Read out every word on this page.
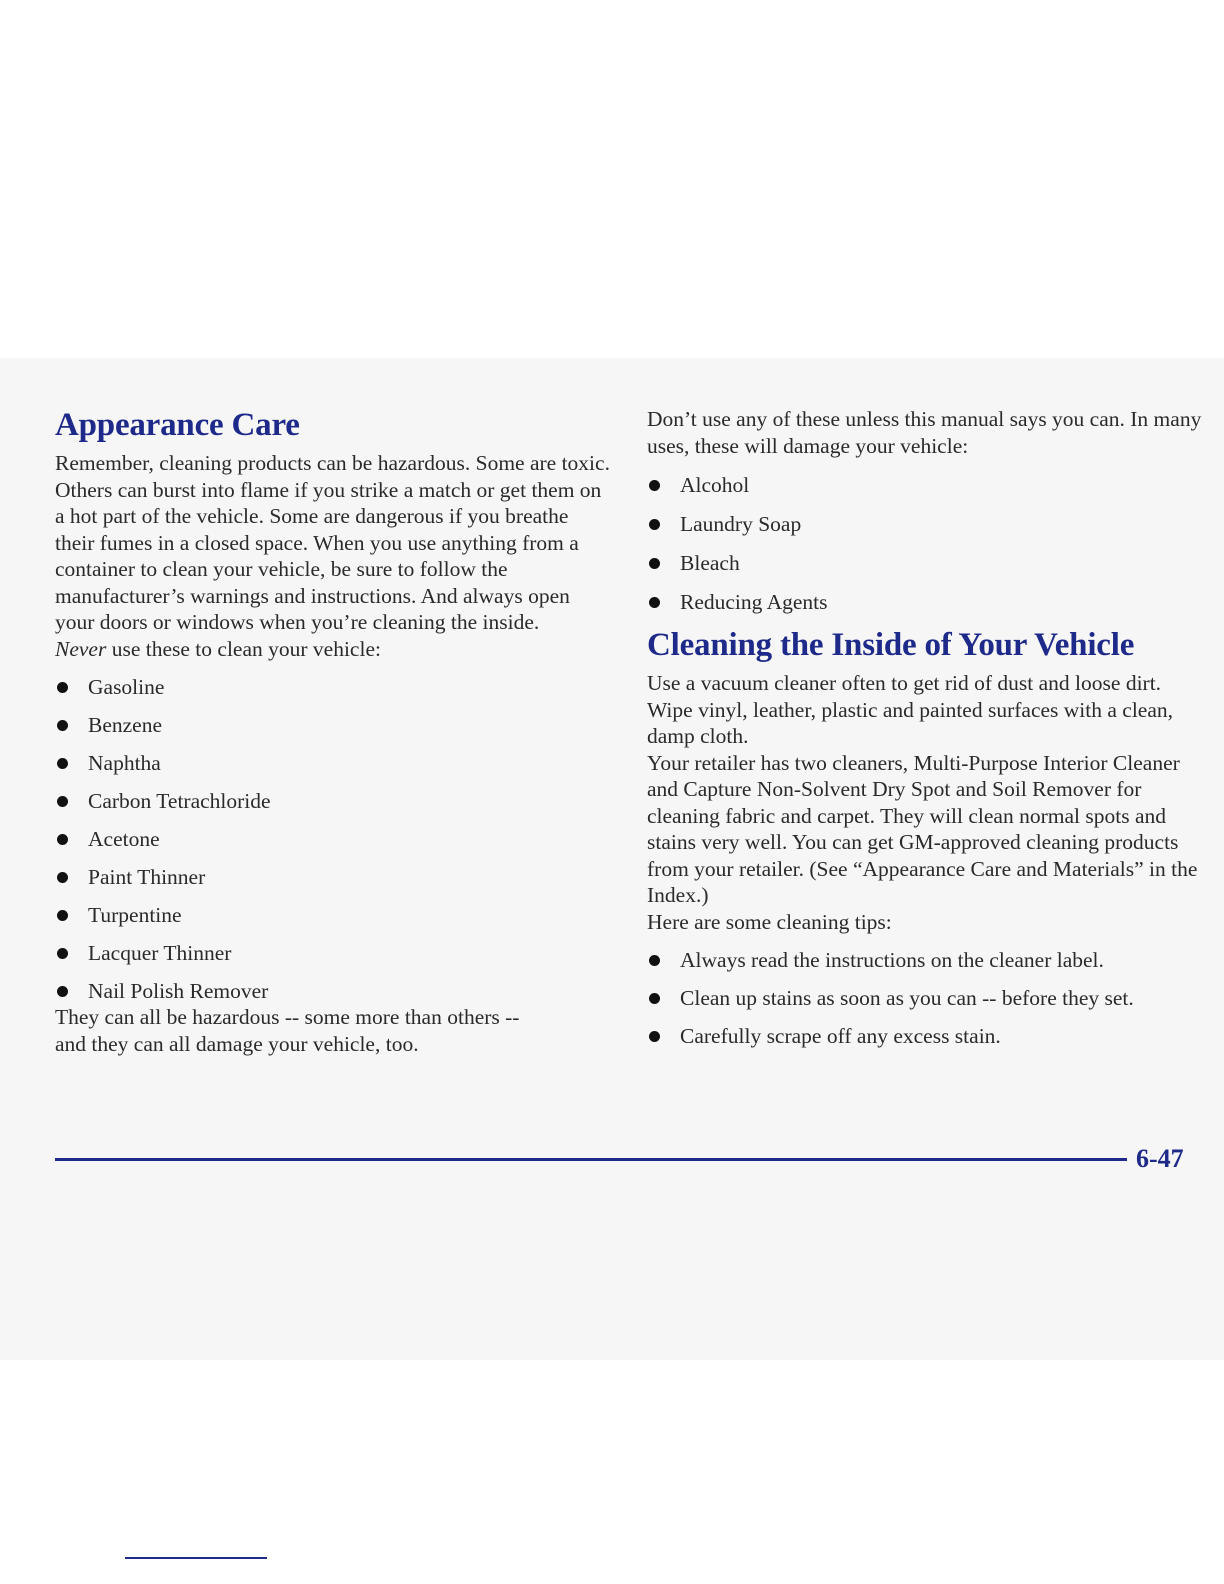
Appearance Care

Remember, cleaning products can be hazardous. Some are toxic. Others can burst into flame if you strike a match or get them on a hot part of the vehicle. Some are dangerous if you breathe their fumes in a closed space. When you use anything from a container to clean your vehicle, be sure to follow the manufacturer’s warnings and instructions. And always open your doors or windows when you’re cleaning the inside.

Never use these to clean your vehicle:

Gasoline
Benzene
Naphtha
Carbon Tetrachloride
Acetone
Paint Thinner
Turpentine
Lacquer Thinner
Nail Polish Remover

They can all be hazardous -- some more than others -- and they can all damage your vehicle, too.

Don’t use any of these unless this manual says you can. In many uses, these will damage your vehicle:

Alcohol
Laundry Soap
Bleach
Reducing Agents
Cleaning the Inside of Your Vehicle

Use a vacuum cleaner often to get rid of dust and loose dirt. Wipe vinyl, leather, plastic and painted surfaces with a clean, damp cloth.

Your retailer has two cleaners, Multi-Purpose Interior Cleaner and Capture Non-Solvent Dry Spot and Soil Remover for cleaning fabric and carpet. They will clean normal spots and stains very well. You can get GM-approved cleaning products from your retailer. (See “Appearance Care and Materials” in the Index.)

Here are some cleaning tips:

Always read the instructions on the cleaner label.
Clean up stains as soon as you can -- before they set.
Carefully scrape off any excess stain.
6-47
